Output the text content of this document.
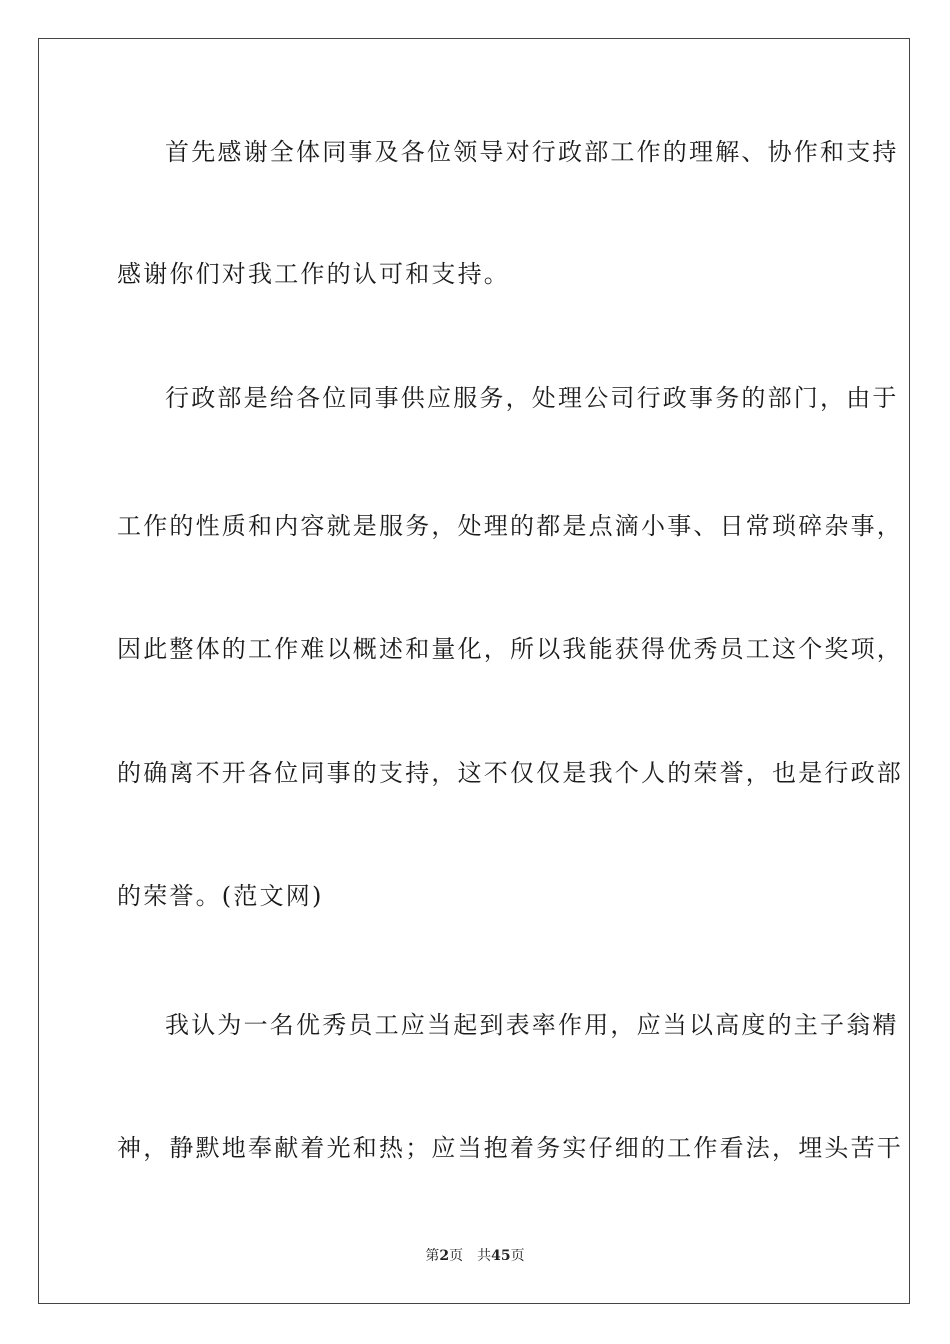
首先感谢全体同事及各位领导对行政部工作的理解、协作和支持
感谢你们对我工作的认可和支持。
行政部是给各位同事供应服务，处理公司行政事务的部门，由于
工作的性质和内容就是服务，处理的都是点滴小事、日常琐碎杂事，
因此整体的工作难以概述和量化，所以我能获得优秀员工这个奖项，
的确离不开各位同事的支持，这不仅仅是我个人的荣誉，也是行政部
的荣誉。(范文网)
我认为一名优秀员工应当起到表率作用，应当以高度的主子翁精
神，静默地奉献着光和热；应当抱着务实仔细的工作看法，埋头苦干
第2页 共45页
